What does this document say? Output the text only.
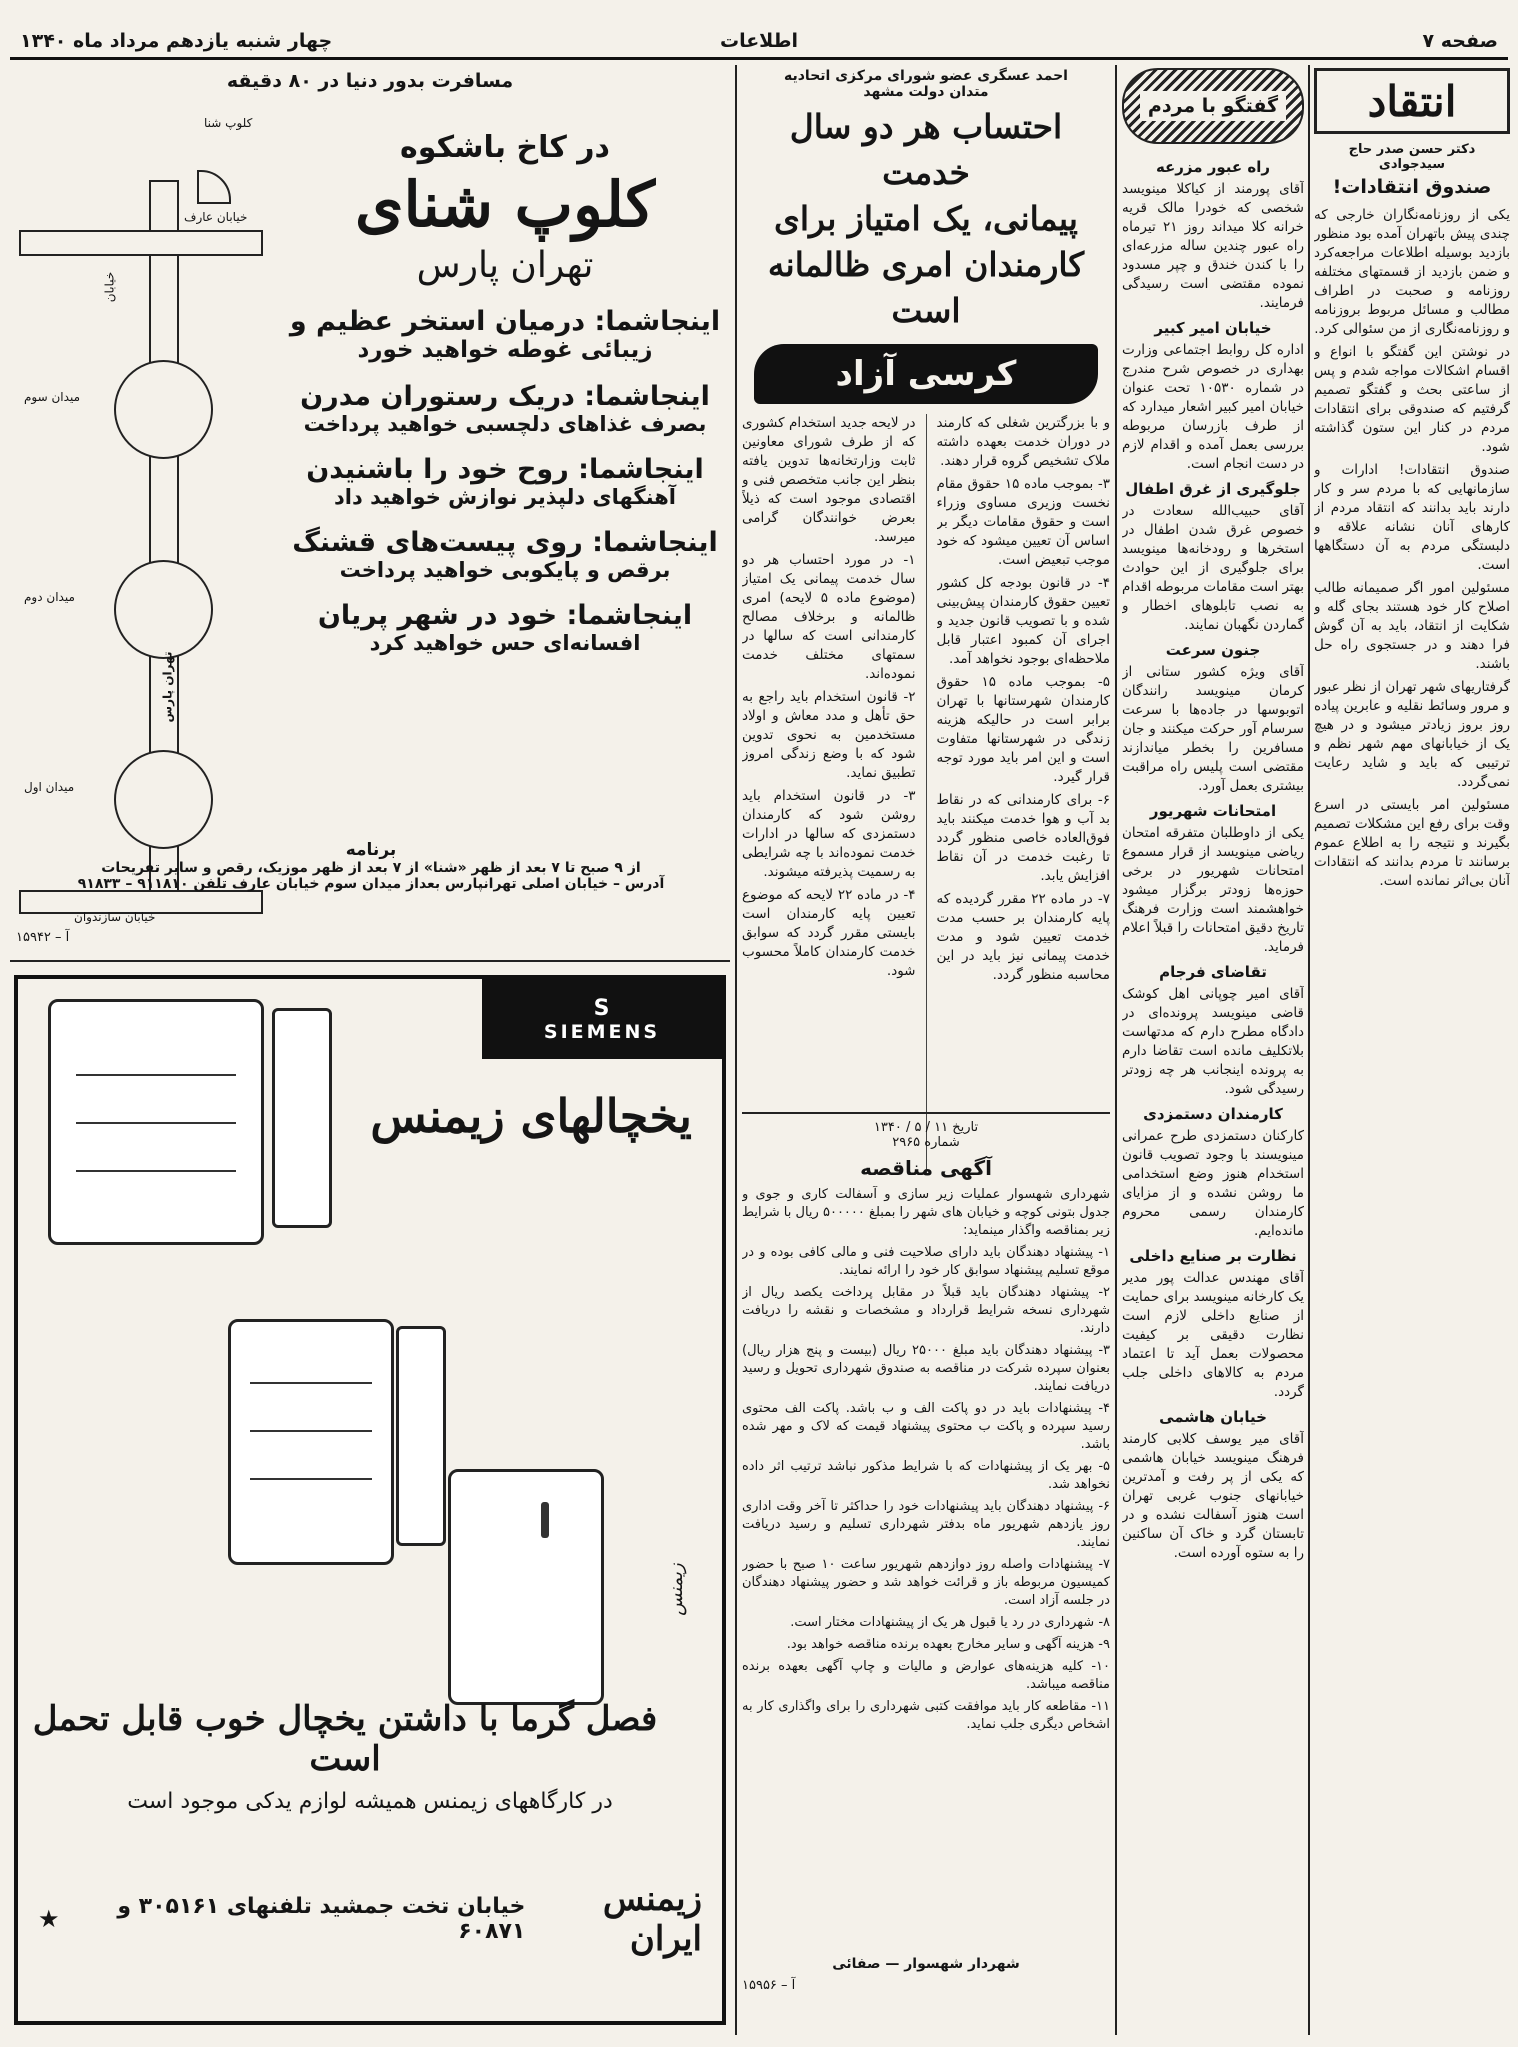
صفحه ۷
اطلاعات
چهار شنبه یازدهم مرداد ماه ۱۳۴۰
انتقاد
دکتر حسن صدر حاج سیدجوادی
صندوق انتقادات!

یکی از روزنامه‌نگاران خارجی که چندی پیش باتهران آمده بود منظور بازدید بوسیله اطلاعات مراجعه‌کرد و ضمن بازدید از قسمتهای مختلفه روزنامه و صحبت در اطراف مطالب و مسائل مربوط بروزنامه و روزنامه‌نگاری از من سئوالی کرد.

در نوشتن این گفتگو با انواع و اقسام اشکالات مواجه شدم و پس از ساعتی بحث و گفتگو تصمیم گرفتیم که صندوقی برای انتقادات مردم در کنار این ستون گذاشته شود.

صندوق انتقادات! ادارات و سازمانهایی که با مردم سر و کار دارند باید بدانند که انتقاد مردم از کارهای آنان نشانه علاقه و دلبستگی مردم به آن دستگاهها است.

مسئولین امور اگر صمیمانه طالب اصلاح کار خود هستند بجای گله و شکایت از انتقاد، باید به آن گوش فرا دهند و در جستجوی راه حل باشند.

گرفتاریهای شهر تهران از نظر عبور و مرور وسائط نقلیه و عابرین پیاده روز بروز زیادتر میشود و در هیچ یک از خیابانهای مهم شهر نظم و ترتیبی که باید و شاید رعایت نمی‌گردد.

مسئولین امر بایستی در اسرع وقت برای رفع این مشکلات تصمیم بگیرند و نتیجه را به اطلاع عموم برسانند تا مردم بدانند که انتقادات آنان بی‌اثر نمانده است.

گفتگو با مردم
راه عبور مزرعه

آقای پورمند از کیاکلا مینویسد شخصی که خودرا مالک قریه خرانه کلا میداند روز ۲۱ تیرماه راه عبور چندین ساله مزرعه‌ای را با کندن خندق و چپر مسدود نموده مقتضی است رسیدگی فرمایند.

خیابان امیر کبیر

اداره کل روابط اجتماعی وزارت بهداری در خصوص شرح مندرج در شماره ۱۰۵۳۰ تحت عنوان خیابان امیر کبیر اشعار میدارد که از طرف بازرسان مربوطه بررسی بعمل آمده و اقدام لازم در دست انجام است.

جلوگیری از غرق اطفال

آقای حبیب‌الله سعادت در خصوص غرق شدن اطفال در استخرها و رودخانه‌ها مینویسد برای جلوگیری از این حوادث بهتر است مقامات مربوطه اقدام به نصب تابلوهای اخطار و گماردن نگهبان نمایند.

جنون سرعت

آقای ویژه کشور ستانی از کرمان مینویسد رانندگان اتوبوسها در جاده‌ها با سرعت سرسام آور حرکت میکنند و جان مسافرین را بخطر میاندازند مقتضی است پلیس راه مراقبت بیشتری بعمل آورد.

امتحانات شهریور

یکی از داوطلبان متفرقه امتحان ریاضی مینویسد از قرار مسموع امتحانات شهریور در برخی حوزه‌ها زودتر برگزار میشود خواهشمند است وزارت فرهنگ تاریخ دقیق امتحانات را قبلاً اعلام فرماید.

تقاضای فرجام

آقای امیر چوپانی اهل کوشک قاضی مینویسد پرونده‌ای در دادگاه مطرح دارم که مدتهاست بلاتکلیف مانده است تقاضا دارم به پرونده اینجانب هر چه زودتر رسیدگی شود.

کارمندان دستمزدی

کارکنان دستمزدی طرح عمرانی مینویسند با وجود تصویب قانون استخدام هنوز وضع استخدامی ما روشن نشده و از مزایای کارمندان رسمی محروم مانده‌ایم.

نظارت بر صنایع داخلی

آقای مهندس عدالت پور مدیر یک کارخانه مینویسد برای حمایت از صنایع داخلی لازم است نظارت دقیقی بر کیفیت محصولات بعمل آید تا اعتماد مردم به کالاهای داخلی جلب گردد.

خیابان هاشمی

آقای میر یوسف کلابی کارمند فرهنگ مینویسد خیابان هاشمی که یکی از پر رفت و آمدترین خیابانهای جنوب غربی تهران است هنوز آسفالت نشده و در تابستان گرد و خاک آن ساکنین را به ستوه آورده است.

احمد عسگری عضو شورای مرکزی اتحادیه
متدان دولت مشهد
احتساب هر دو سال خدمت
پیمانی، یک امتیاز برای
کارمندان امری ظالمانه است
کرسی آزاد

و با بزرگترین شغلی که کارمند در دوران خدمت بعهده داشته ملاک تشخیص گروه قرار دهند.

۳- بموجب ماده ۱۵ حقوق مقام نخست وزیری مساوی وزراء است و حقوق مقامات دیگر بر اساس آن تعیین میشود که خود موجب تبعیض است.

۴- در قانون بودجه کل کشور تعیین حقوق کارمندان پیش‌بینی شده و با تصویب قانون جدید و اجرای آن کمبود اعتبار قابل ملاحظه‌ای بوجود نخواهد آمد.

۵- بموجب ماده ۱۵ حقوق کارمندان شهرستانها با تهران برابر است در حالیکه هزینه زندگی در شهرستانها متفاوت است و این امر باید مورد توجه قرار گیرد.

۶- برای کارمندانی که در نقاط بد آب و هوا خدمت میکنند باید فوق‌العاده خاصی منظور گردد تا رغبت خدمت در آن نقاط افزایش یابد.

۷- در ماده ۲۲ مقرر گردیده که پایه کارمندان بر حسب مدت خدمت تعیین شود و مدت خدمت پیمانی نیز باید در این محاسبه منظور گردد.

در لایحه جدید استخدام کشوری که از طرف شورای معاونین ثابت وزارتخانه‌ها تدوین یافته بنظر این جانب متخصص فنی و اقتصادی موجود است که ذیلاً بعرض خوانندگان گرامی میرسد.

۱- در مورد احتساب هر دو سال خدمت پیمانی یک امتیاز (موضوع ماده ۵ لایحه) امری ظالمانه و برخلاف مصالح کارمندانی است که سالها در سمتهای مختلف خدمت نموده‌اند.

۲- قانون استخدام باید راجع به حق تأهل و مدد معاش و اولاد مستخدمین به نحوی تدوین شود که با وضع زندگی امروز تطبیق نماید.

۳- در قانون استخدام باید روشن شود که کارمندان دستمزدی که سالها در ادارات خدمت نموده‌اند با چه شرایطی به رسمیت پذیرفته میشوند.

۴- در ماده ۲۲ لایحه که موضوع تعیین پایه کارمندان است بایستی مقرر گردد که سوابق خدمت کارمندان کاملاً محسوب شود.

تاریخ ۱۱ / ۵ / ۱۳۴۰
شماره ۲۹۶۵
آگهی مناقصه

شهرداری شهسوار عملیات زیر سازی و آسفالت کاری و جوی و جدول بتونی کوچه و خیابان های شهر را بمبلغ ۵۰۰۰۰۰ ریال با شرایط زیر بمناقصه واگذار مینماید:

۱- پیشنهاد دهندگان باید دارای صلاحیت فنی و مالی کافی بوده و در موقع تسلیم پیشنهاد سوابق کار خود را ارائه نمایند.

۲- پیشنهاد دهندگان باید قبلاً در مقابل پرداخت یکصد ریال از شهرداری نسخه شرایط قرارداد و مشخصات و نقشه را دریافت دارند.

۳- پیشنهاد دهندگان باید مبلغ ۲۵۰۰۰ ریال (بیست و پنج هزار ریال) بعنوان سپرده شرکت در مناقصه به صندوق شهرداری تحویل و رسید دریافت نمایند.

۴- پیشنهادات باید در دو پاکت الف و ب باشد. پاکت الف محتوی رسید سپرده و پاکت ب محتوی پیشنهاد قیمت که لاک و مهر شده باشد.

۵- بهر یک از پیشنهادات که با شرایط مذکور نباشد ترتیب اثر داده نخواهد شد.

۶- پیشنهاد دهندگان باید پیشنهادات خود را حداکثر تا آخر وقت اداری روز یازدهم شهریور ماه بدفتر شهرداری تسلیم و رسید دریافت نمایند.

۷- پیشنهادات واصله روز دوازدهم شهریور ساعت ۱۰ صبح با حضور کمیسیون مربوطه باز و قرائت خواهد شد و حضور پیشنهاد دهندگان در جلسه آزاد است.

۸- شهرداری در رد یا قبول هر یک از پیشنهادات مختار است.

۹- هزینه آگهی و سایر مخارج بعهده برنده مناقصه خواهد بود.

۱۰- کلیه هزینه‌های عوارض و مالیات و چاپ آگهی بعهده برنده مناقصه میباشد.

۱۱- مقاطعه کار باید موافقت کتبی شهرداری را برای واگذاری کار به اشخاص دیگری جلب نماید.

شهردار شهسوار — صفائی
آ – ۱۵۹۵۶
مسافرت بدور دنیا در ۸۰ دقیقه
کلوپ شنا
خیابان عارف
میدان سوم
میدان دوم
میدان اول
خیابان
تهران پارس
خیابان سازندوان
در کاخ باشکوه
کلوپ شنای
تهران پارس
اینجاشما: درمیان استخر عظیم و
زیبائی غوطه خواهید خورد
اینجاشما: دریک رستوران مدرن
بصرف غذاهای دلچسبی خواهید پرداخت
اینجاشما: روح خود را باشنیدن
آهنگهای دلپذیر نوازش خواهید داد
اینجاشما: روی پیست‌های قشنگ
برقص و پایکوبی خواهید پرداخت
اینجاشما: خود در شهر پریان
افسانه‌ای حس خواهید کرد
برنامه
از ۹ صبح تا ۷ بعد از ظهر «شنا» از ۷ بعد از ظهر موزیک، رقص و سایر تفریحات
آدرس – خیابان اصلی تهرانپارس بعداز میدان سوم خیابان عارف تلفن ۹۱۱۸۱۰ – ۹۱۸۳۳
آ – ۱۵۹۴۲
S
SIEMENS
یخچالهای زیمنس
زیمنس
فصل گرما با داشتن یخچال خوب قابل تحمل است
در کارگاههای زیمنس همیشه لوازم یدکی موجود است
★	خیابان تخت جمشید تلفنهای ۳۰۵۱۶۱ و ۶۰۸۷۱
زیمنس ایران
